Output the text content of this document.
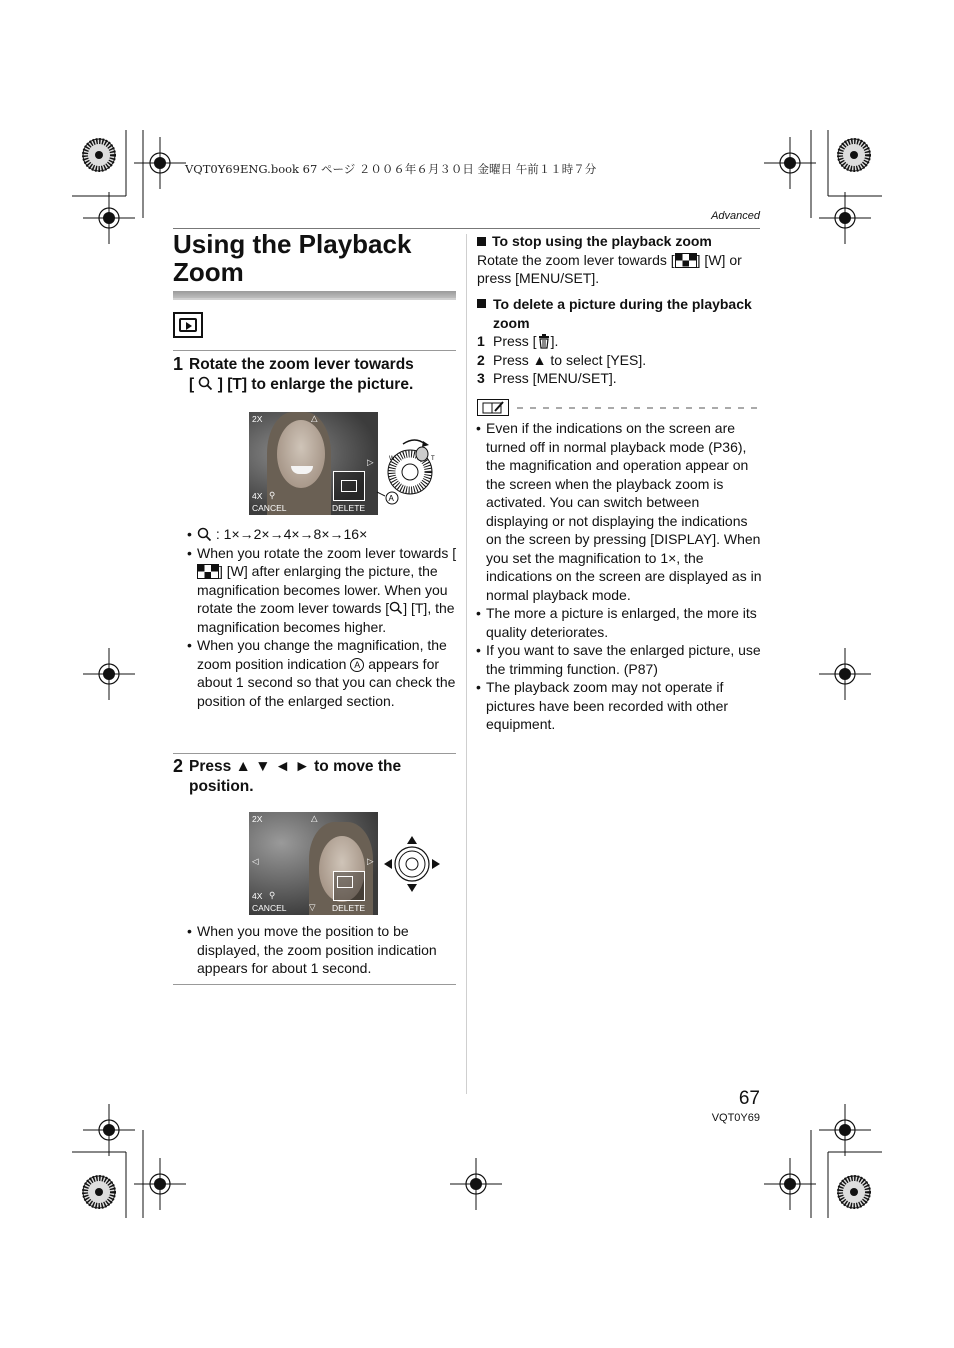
VQT0Y69ENG.book 67 ページ ２００６年６月３０日 金曜日 午前１１時７分
Advanced
Using the Playback Zoom
1 Rotate the zoom lever towards
[  ] [T] to enlarge the picture.
2X	△
▷
4X ⚲
CANCEL	DELETE
W	T
A
• : 1×→2×→4×→8×→16×
• When you rotate the zoom lever towards [] [W] after enlarging the picture, the magnification becomes lower. When you rotate the zoom lever towards [ ] [T], the magnification becomes higher.
• When you change the magnification, the zoom position indication A appears for about 1 second so that you can check the position of the enlarged section.
2 Press ▲ ▼ ◄ ► to move the position.
2X	△
◁	▷
4X ⚲
CANCEL	▽ DELETE
• When you move the position to be displayed, the zoom position indication appears for about 1 second.
To stop using the playback zoom
Rotate the zoom lever towards [ ] [W] or press [MENU/SET].
To delete a picture during the playback zoom
1 Press [ ].
2 Press ▲ to select [YES].
3 Press [MENU/SET].
• Even if the indications on the screen are turned off in normal playback mode (P36), the magnification and operation appear on the screen when the playback zoom is activated. You can switch between displaying or not displaying the indications on the screen by pressing [DISPLAY]. When you set the magnification to 1×, the indications on the screen are displayed as in normal playback mode.
• The more a picture is enlarged, the more its quality deteriorates.
• If you want to save the enlarged picture, use the trimming function. (P87)
• The playback zoom may not operate if pictures have been recorded with other equipment.
67
VQT0Y69
